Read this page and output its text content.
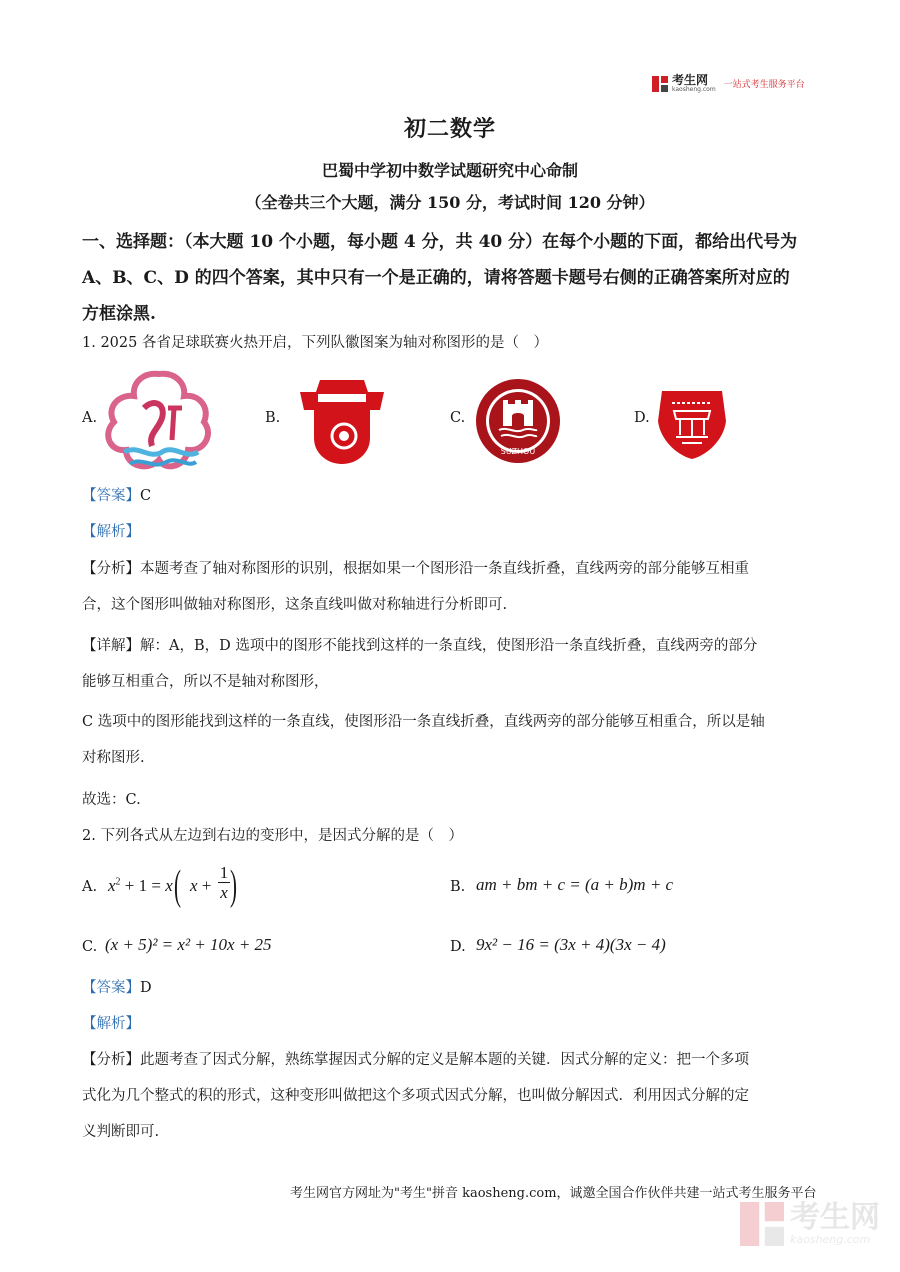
考生网
kaosheng.com 一站式考生服务平台
初二数学
巴蜀中学初中数学试题研究中心命制
（全卷共三个大题，满分 150 分，考试时间 120 分钟）
一、选择题：（本大题 10 个小题，每小题 4 分，共 40 分）在每个小题的下面，都给出代号为
A、B、C、D 的四个答案，其中只有一个是正确的，请将答题卡题号右侧的正确答案所对应的
方框涂黑.
1. 2025 各省足球联赛火热开启，下列队徽图案为轴对称图形的是（　）
A.	B.	C.
SUZHOU
D.
【答案】C
【解析】
【分析】本题考查了轴对称图形的识别，根据如果一个图形沿一条直线折叠，直线两旁的部分能够互相重
合，这个图形叫做轴对称图形，这条直线叫做对称轴进行分析即可.
【详解】解：A，B，D 选项中的图形不能找到这样的一条直线，使图形沿一条直线折叠，直线两旁的部分
能够互相重合，所以不是轴对称图形，
C 选项中的图形能找到这样的一条直线，使图形沿一条直线折叠，直线两旁的部分能够互相重合，所以是轴
对称图形.
故选：C.
2. 下列各式从左边到右边的变形中，是因式分解的是（　）
A. $x^2 + 1 = x$ ( x +
1
x )	B. am + bm + c = (a + b)m + c
C. (x + 5)² = x² + 10x + 25	D. 9x² − 16 = (3x + 4)(3x − 4)
【答案】D
【解析】
【分析】此题考查了因式分解，熟练掌握因式分解的定义是解本题的关键．因式分解的定义：把一个多项
式化为几个整式的积的形式，这种变形叫做把这个多项式因式分解，也叫做分解因式．利用因式分解的定
义判断即可.
考生网官方网址为"考生"拼音 kaosheng.com，诚邀全国合作伙伴共建一站式考生服务平台
考生网
kaosheng.com
